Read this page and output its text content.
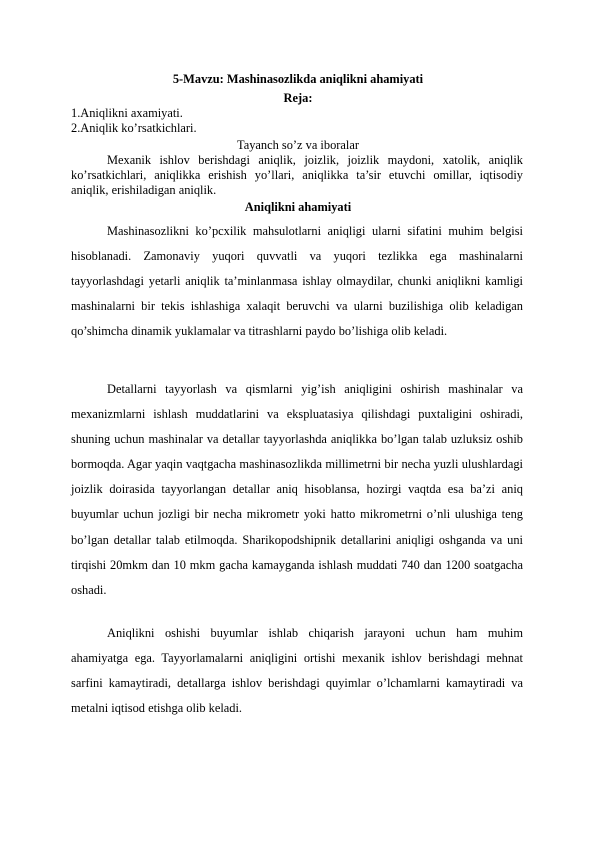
5-Mavzu: Mashinasozlikda aniqlikni ahamiyati
Reja:
1.Aniqlikni axamiyati.
2.Aniqlik ko’rsatkichlari.
Tayanch so’z va iboralar
Mexanik ishlov berishdagi aniqlik, joizlik, joizlik maydoni, xatolik, aniqlik ko’rsatkichlari, aniqlikka erishish yo’llari, aniqlikka ta’sir etuvchi omillar, iqtisodiy aniqlik, erishiladigan aniqlik.
Aniqlikni ahamiyati
Mashinasozlikni ko’pcxilik mahsulotlarni aniqligi ularni sifatini muhim belgisi hisoblanadi. Zamonaviy yuqori quvvatli va yuqori tezlikka ega mashinalarni tayyorlashdagi yetarli aniqlik ta’minlanmasa ishlay olmaydilar, chunki aniqlikni kamligi mashinalarni bir tekis ishlashiga xalaqit beruvchi va ularni buzilishiga olib keladigan qo’shimcha dinamik yuklamalar va titrashlarni paydo bo’lishiga olib keladi.
Detallarni tayyorlash va qismlarni yig’ish aniqligini oshirish mashinalar va mexanizmlarni ishlash muddatlarini va ekspluatasiya qilishdagi puxtaligini oshiradi, shuning uchun mashinalar va detallar tayyorlashda aniqlikka bo’lgan talab uzluksiz oshib bormoqda. Agar yaqin vaqtgacha mashinasozlikda millimetrni bir necha yuzli ulushlardagi joizlik doirasida tayyorlangan detallar aniq hisoblansa, hozirgi vaqtda esa ba’zi aniq buyumlar uchun jozligi bir necha mikrometr yoki hatto mikrometrni o’nli ulushiga teng bo’lgan detallar talab etilmoqda. Sharikopodshipnik detallarini aniqligi oshganda va uni tirqishi 20mkm dan 10 mkm gacha kamayganda ishlash muddati 740 dan 1200 soatgacha oshadi.
Aniqlikni oshishi buyumlar ishlab chiqarish jarayoni uchun ham muhim ahamiyatga ega. Tayyorlamalarni aniqligini ortishi mexanik ishlov berishdagi mehnat sarfini kamaytiradi, detallarga ishlov berishdagi quyimlar o’lchamlarni kamaytiradi va metalni iqtisod etishga olib keladi.
